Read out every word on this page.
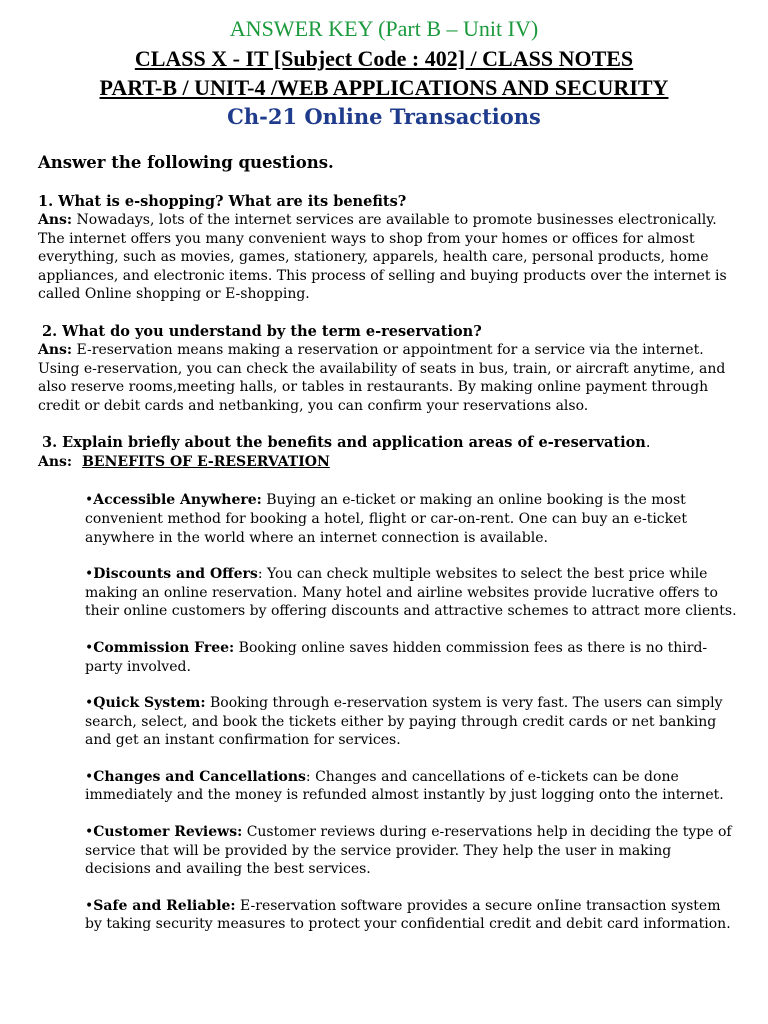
ANSWER KEY (Part B – Unit IV)
CLASS X - IT [Subject Code : 402] / CLASS NOTES
PART-B / UNIT-4 /WEB APPLICATIONS AND SECURITY
Ch-21 Online Transactions

Answer the following questions.

1. What is e-shopping? What are its benefits?

Ans: Nowadays, lots of the internet services are available to promote businesses electronically. The internet offers you many convenient ways to shop from your homes or offices for almost everything, such as movies, games, stationery, apparels, health care, personal products, home appliances, and electronic items. This process of selling and buying products over the internet is called Online shopping or E-shopping.

2. What do you understand by the term e-reservation?

Ans: E-reservation means making a reservation or appointment for a service via the internet. Using e-reservation, you can check the availability of seats in bus, train, or aircraft anytime, and also reserve rooms,meeting halls, or tables in restaurants. By making online payment through credit or debit cards and netbanking, you can confirm your reservations also.

3. Explain briefly about the benefits and application areas of e-reservation.

Ans: BENEFITS OF E-RESERVATION

•Accessible Anywhere: Buying an e-ticket or making an online booking is the most convenient method for booking a hotel, flight or car-on-rent. One can buy an e-ticket anywhere in the world where an internet connection is available.
•Discounts and Offers: You can check multiple websites to select the best price while making an online reservation. Many hotel and airline websites provide lucrative offers to their online customers by offering discounts and attractive schemes to attract more clients.
•Commission Free: Booking online saves hidden commission fees as there is no third-party involved.
•Quick System: Booking through e-reservation system is very fast. The users can simply search, select, and book the tickets either by paying through credit cards or net banking and get an instant confirmation for services.
•Changes and Cancellations: Changes and cancellations of e-tickets can be done immediately and the money is refunded almost instantly by just logging onto the internet.
•Customer Reviews: Customer reviews during e-reservations help in deciding the type of service that will be provided by the service provider. They help the user in making decisions and availing the best services.
•Safe and Reliable: E-reservation software provides a secure onIine transaction system by taking security measures to protect your confidential credit and debit card information.
